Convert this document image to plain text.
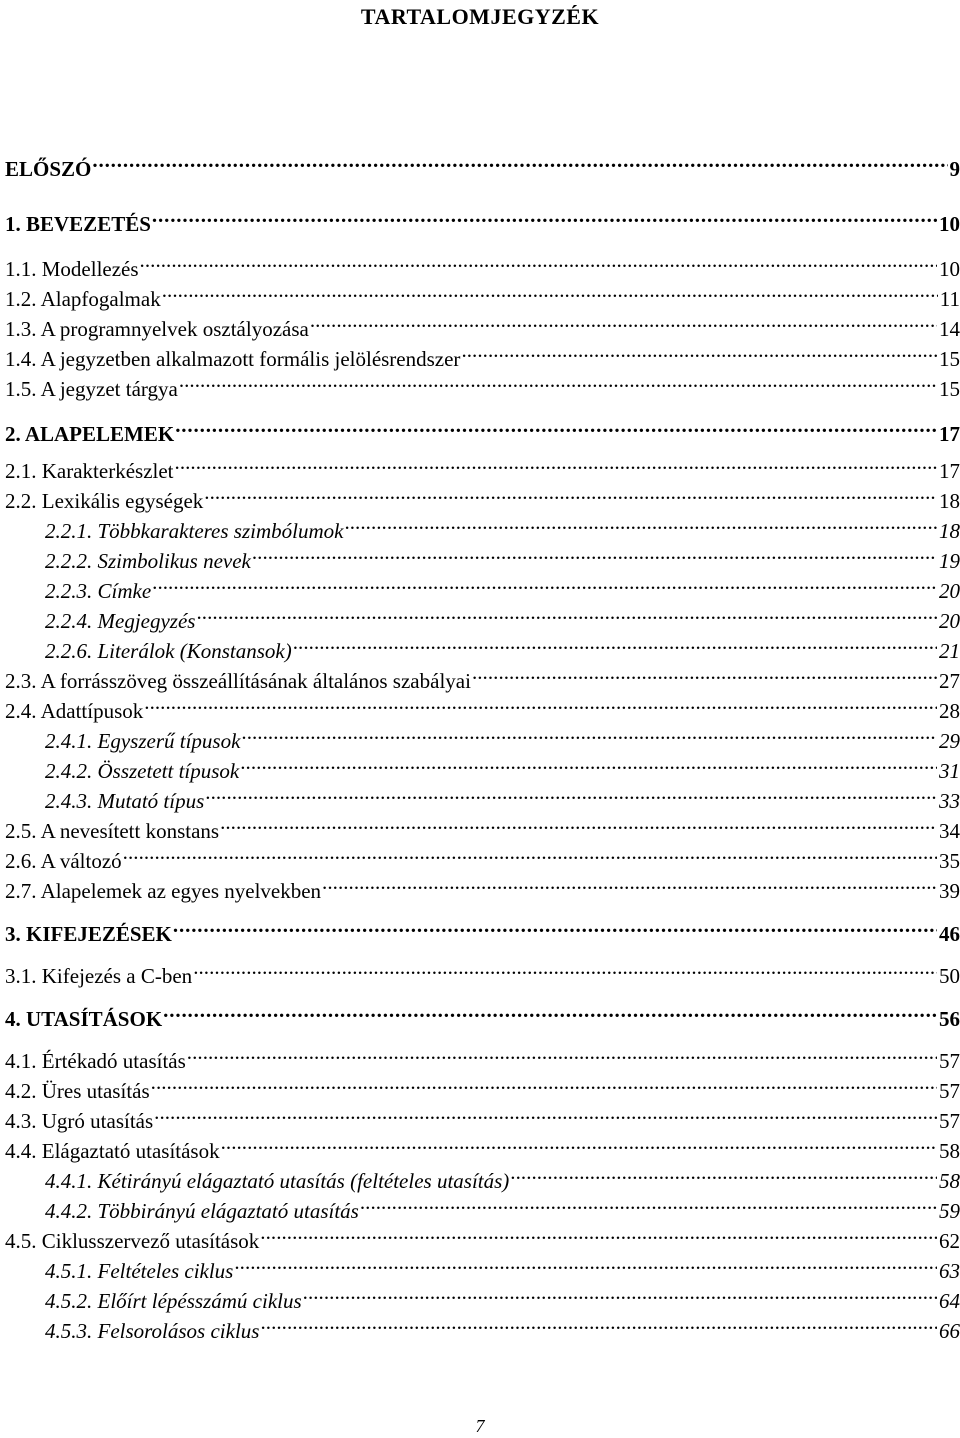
TARTALOMJEGYZÉK
ELŐSZÓ . . .	9
1. BEVEZETÉS . . .	10
1.1. Modellezés . . .	10
1.2. Alapfogalmak . . .	11
1.3. A programnyelvek osztályozása . . .	14
1.4. A jegyzetben alkalmazott formális jelölésrendszer . . .	15
1.5. A jegyzet tárgya . . .	15
2. ALAPELEMEK . . .	17
2.1. Karakterkészlet . . .	17
2.2. Lexikális egységek . . .	18
2.2.1. Többkarakteres szimbólumok . . .	18
2.2.2. Szimbolikus nevek . . .	19
2.2.3. Címke . . .	20
2.2.4. Megjegyzés . . .	20
2.2.6. Literálok (Konstansok) . . .	21
2.3. A forrásszöveg összeállításának általános szabályai . . .	27
2.4. Adattípusok . . .	28
2.4.1. Egyszerű típusok . . .	29
2.4.2. Összetett típusok . . .	31
2.4.3. Mutató típus . . .	33
2.5. A nevesített konstans . . .	34
2.6. A változó . . .	35
2.7. Alapelemek az egyes nyelvekben . . .	39
3. KIFEJEZÉSEK . . .	46
3.1. Kifejezés a C-ben . . .	50
4. UTASÍTÁSOK . . .	56
4.1. Értékadó utasítás . . .	57
4.2. Üres utasítás . . .	57
4.3. Ugró utasítás . . .	57
4.4. Elágaztató utasítások . . .	58
4.4.1. Kétirányú elágaztató utasítás (feltételes utasítás) . . .	58
4.4.2. Többirányú elágaztató utasítás . . .	59
4.5. Ciklusszervező utasítások . . .	62
4.5.1. Feltételes ciklus . . .	63
4.5.2. Előírt lépésszámú ciklus . . .	64
4.5.3. Felsorolásos ciklus . . .	66
7
